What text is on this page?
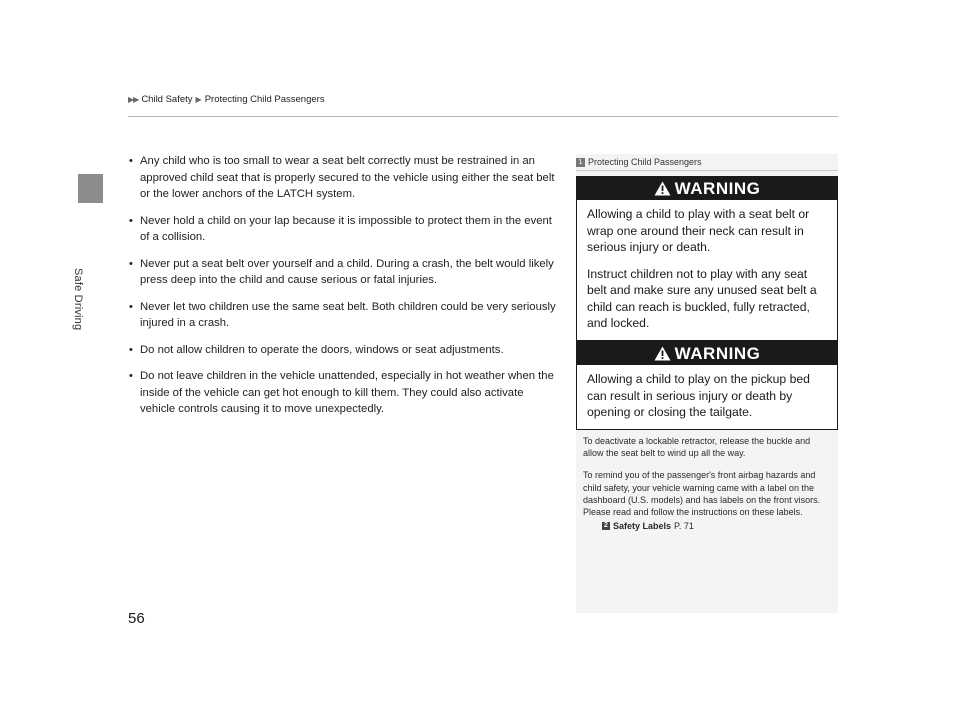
Safe Driving
▶▶ Child Safety ▶ Protecting Child Passengers
• Any child who is too small to wear a seat belt correctly must be restrained in an approved child seat that is properly secured to the vehicle using either the seat belt or the lower anchors of the LATCH system.
• Never hold a child on your lap because it is impossible to protect them in the event of a collision.
• Never put a seat belt over yourself and a child. During a crash, the belt would likely press deep into the child and cause serious or fatal injuries.
• Never let two children use the same seat belt. Both children could be very seriously injured in a crash.
• Do not allow children to operate the doors, windows or seat adjustments.
• Do not leave children in the vehicle unattended, especially in hot weather when the inside of the vehicle can get hot enough to kill them. They could also activate vehicle controls causing it to move unexpectedly.
1 Protecting Child Passengers
WARNING

Allowing a child to play with a seat belt or wrap one around their neck can result in serious injury or death.

Instruct children not to play with any seat belt and make sure any unused seat belt a child can reach is buckled, fully retracted, and locked.

WARNING

Allowing a child to play on the pickup bed can result in serious injury or death by opening or closing the tailgate.

To deactivate a lockable retractor, release the buckle and allow the seat belt to wind up all the way.

To remind you of the passenger's front airbag hazards and child safety, your vehicle warning came with a label on the dashboard (U.S. models) and has labels on the front visors. Please read and follow the instructions on these labels.

2 Safety Labels P. 71
56
